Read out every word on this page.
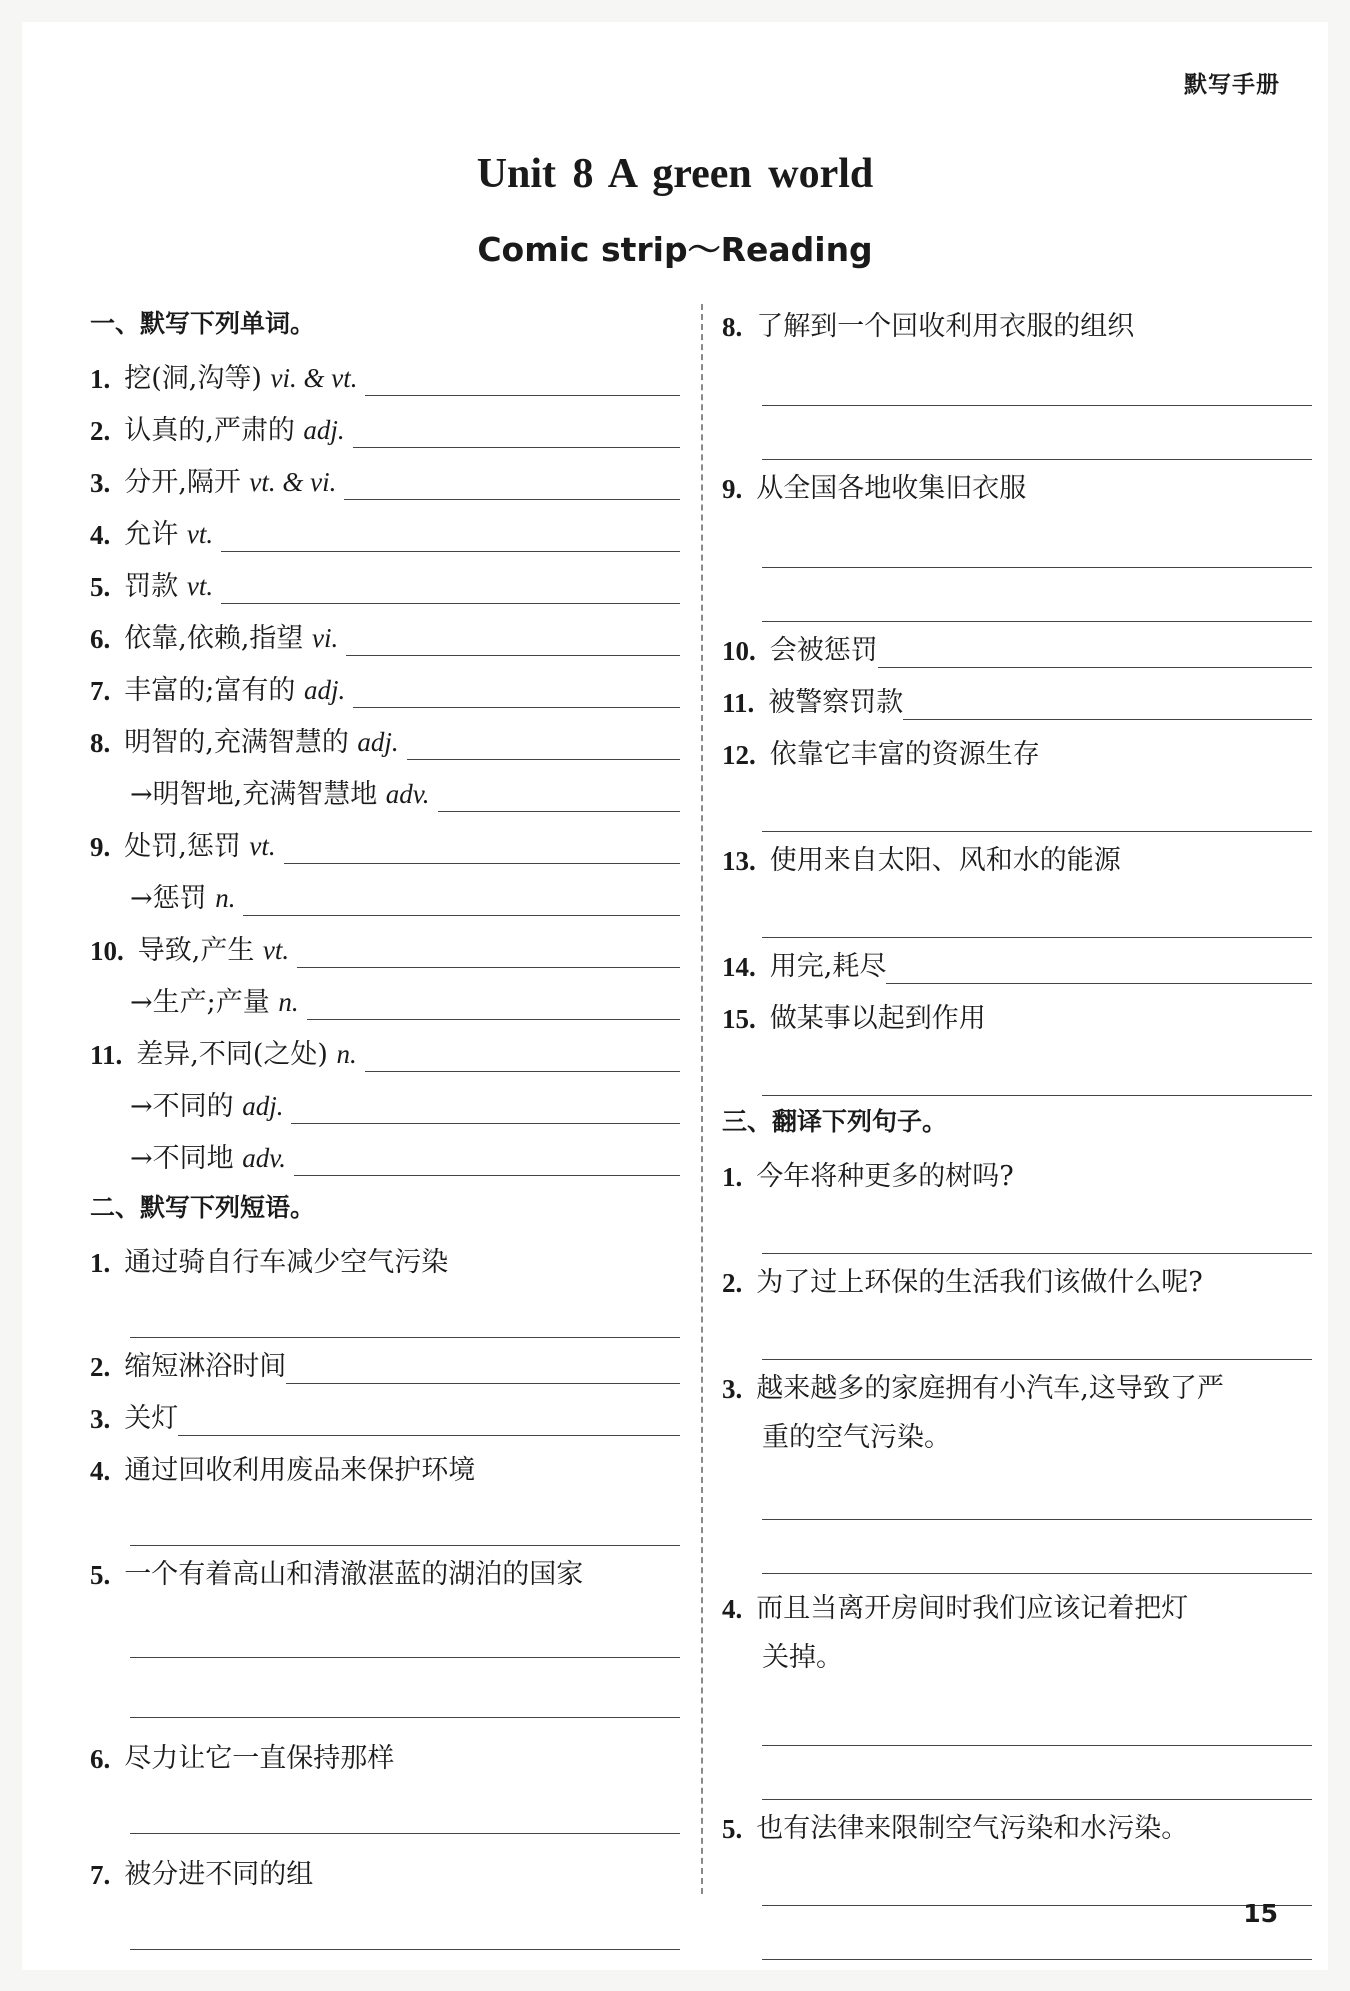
默写手册
Unit 8 A green world
Comic strip～Reading
一、默写下列单词。
1. 挖(洞,沟等) vi. & vt.
2. 认真的,严肃的 adj.
3. 分开,隔开 vt. & vi.
4. 允许 vt.
5. 罚款 vt.
6. 依靠,依赖,指望 vi.
7. 丰富的;富有的 adj.
8. 明智的,充满智慧的 adj.
→明智地,充满智慧地 adv.
9. 处罚,惩罚 vt.
→惩罚 n.
10. 导致,产生 vt.
→生产;产量 n.
11. 差异,不同(之处) n.
→不同的 adj.
→不同地 adv.
二、默写下列短语。
1. 通过骑自行车减少空气污染
2. 缩短淋浴时间
3. 关灯
4. 通过回收利用废品来保护环境
5. 一个有着高山和清澈湛蓝的湖泊的国家
6. 尽力让它一直保持那样
7. 被分进不同的组
8. 了解到一个回收利用衣服的组织
9. 从全国各地收集旧衣服
10. 会被惩罚
11. 被警察罚款
12. 依靠它丰富的资源生存
13. 使用来自太阳、风和水的能源
14. 用完,耗尽
15. 做某事以起到作用
三、翻译下列句子。
1. 今年将种更多的树吗?
2. 为了过上环保的生活我们该做什么呢?
3. 越来越多的家庭拥有小汽车,这导致了严
重的空气污染。
4. 而且当离开房间时我们应该记着把灯
关掉。
5. 也有法律来限制空气污染和水污染。
15
